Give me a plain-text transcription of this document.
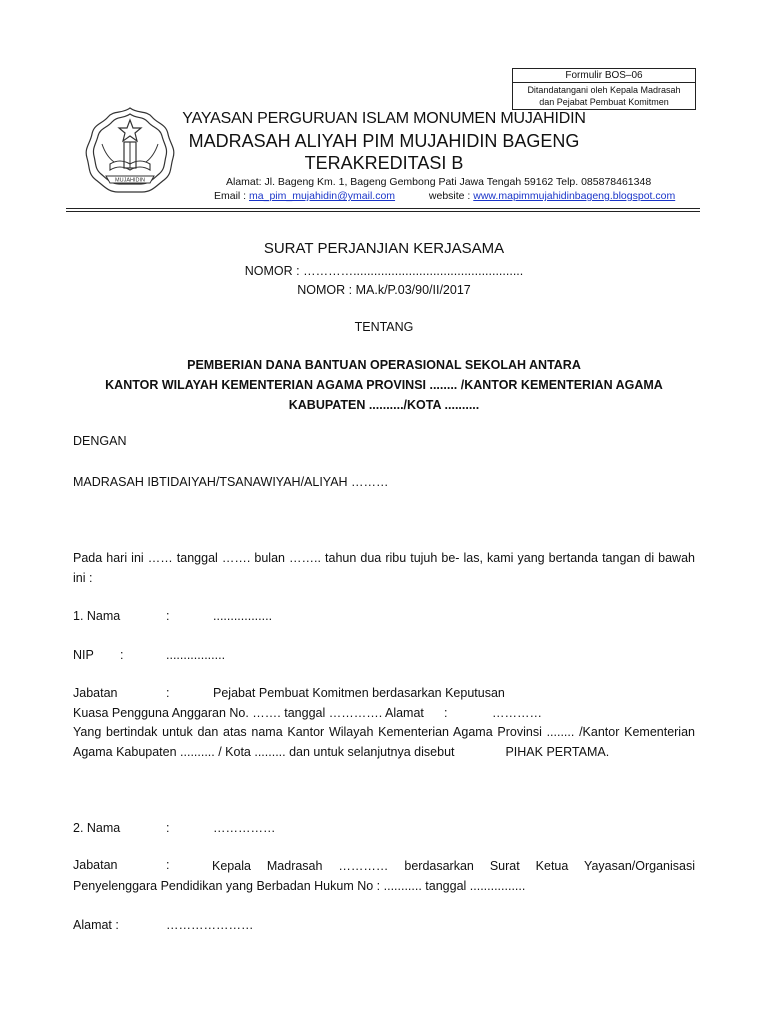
Formulir BOS–06
Ditandatangani oleh Kepala Madrasah
dan Pejabat Pembuat Komitmen
MUJAHIDIN
YAYASAN PERGURUAN ISLAM MONUMEN MUJAHIDIN
MADRASAH ALIYAH PIM MUJAHIDIN BAGENG
TERAKREDITASI B
Alamat: Jl. Bageng Km. 1, Bageng Gembong Pati Jawa Tengah 59162 Telp. 085878461348
Email : ma_pim_mujahidin@ymail.com	website : www.mapimmujahidinbageng.blogspot.com
SURAT PERJANJIAN KERJASAMA
NOMOR : ………….................................................
NOMOR : MA.k/P.03/90/II/2017
TENTANG
PEMBERIAN DANA BANTUAN OPERASIONAL SEKOLAH ANTARA
KANTOR WILAYAH KEMENTERIAN AGAMA PROVINSI ........ /KANTOR KEMENTERIAN AGAMA
KABUPATEN ........../KOTA ..........
DENGAN
MADRASAH IBTIDAIYAH/TSANAWIYAH/ALIYAH ………
Pada hari ini …… tanggal ……. bulan …….. tahun dua ribu tujuh be- las, kami yang bertanda tangan di bawah ini :
1. Nama	:	.................
NIP :	.................
Jabatan	:	Pejabat Pembuat Komitmen berdasarkan Keputusan
Kuasa Pengguna Anggaran No. ……. tanggal …………. Alamat :	…………
Yang bertindak untuk dan atas nama Kantor Wilayah Kementerian Agama Provinsi ........ /Kantor Kementerian Agama Kabupaten .......... / Kota ......... dan untuk selanjutnya disebut	PIHAK PERTAMA.
2. Nama	:	……………
Jabatan	:	Kepala Madrasah ………… berdasarkan Surat Ketua Yayasan/Organisasi Penyelenggara Pendidikan yang Berbadan Hukum No : ........... tanggal ................
Alamat :	…………………
